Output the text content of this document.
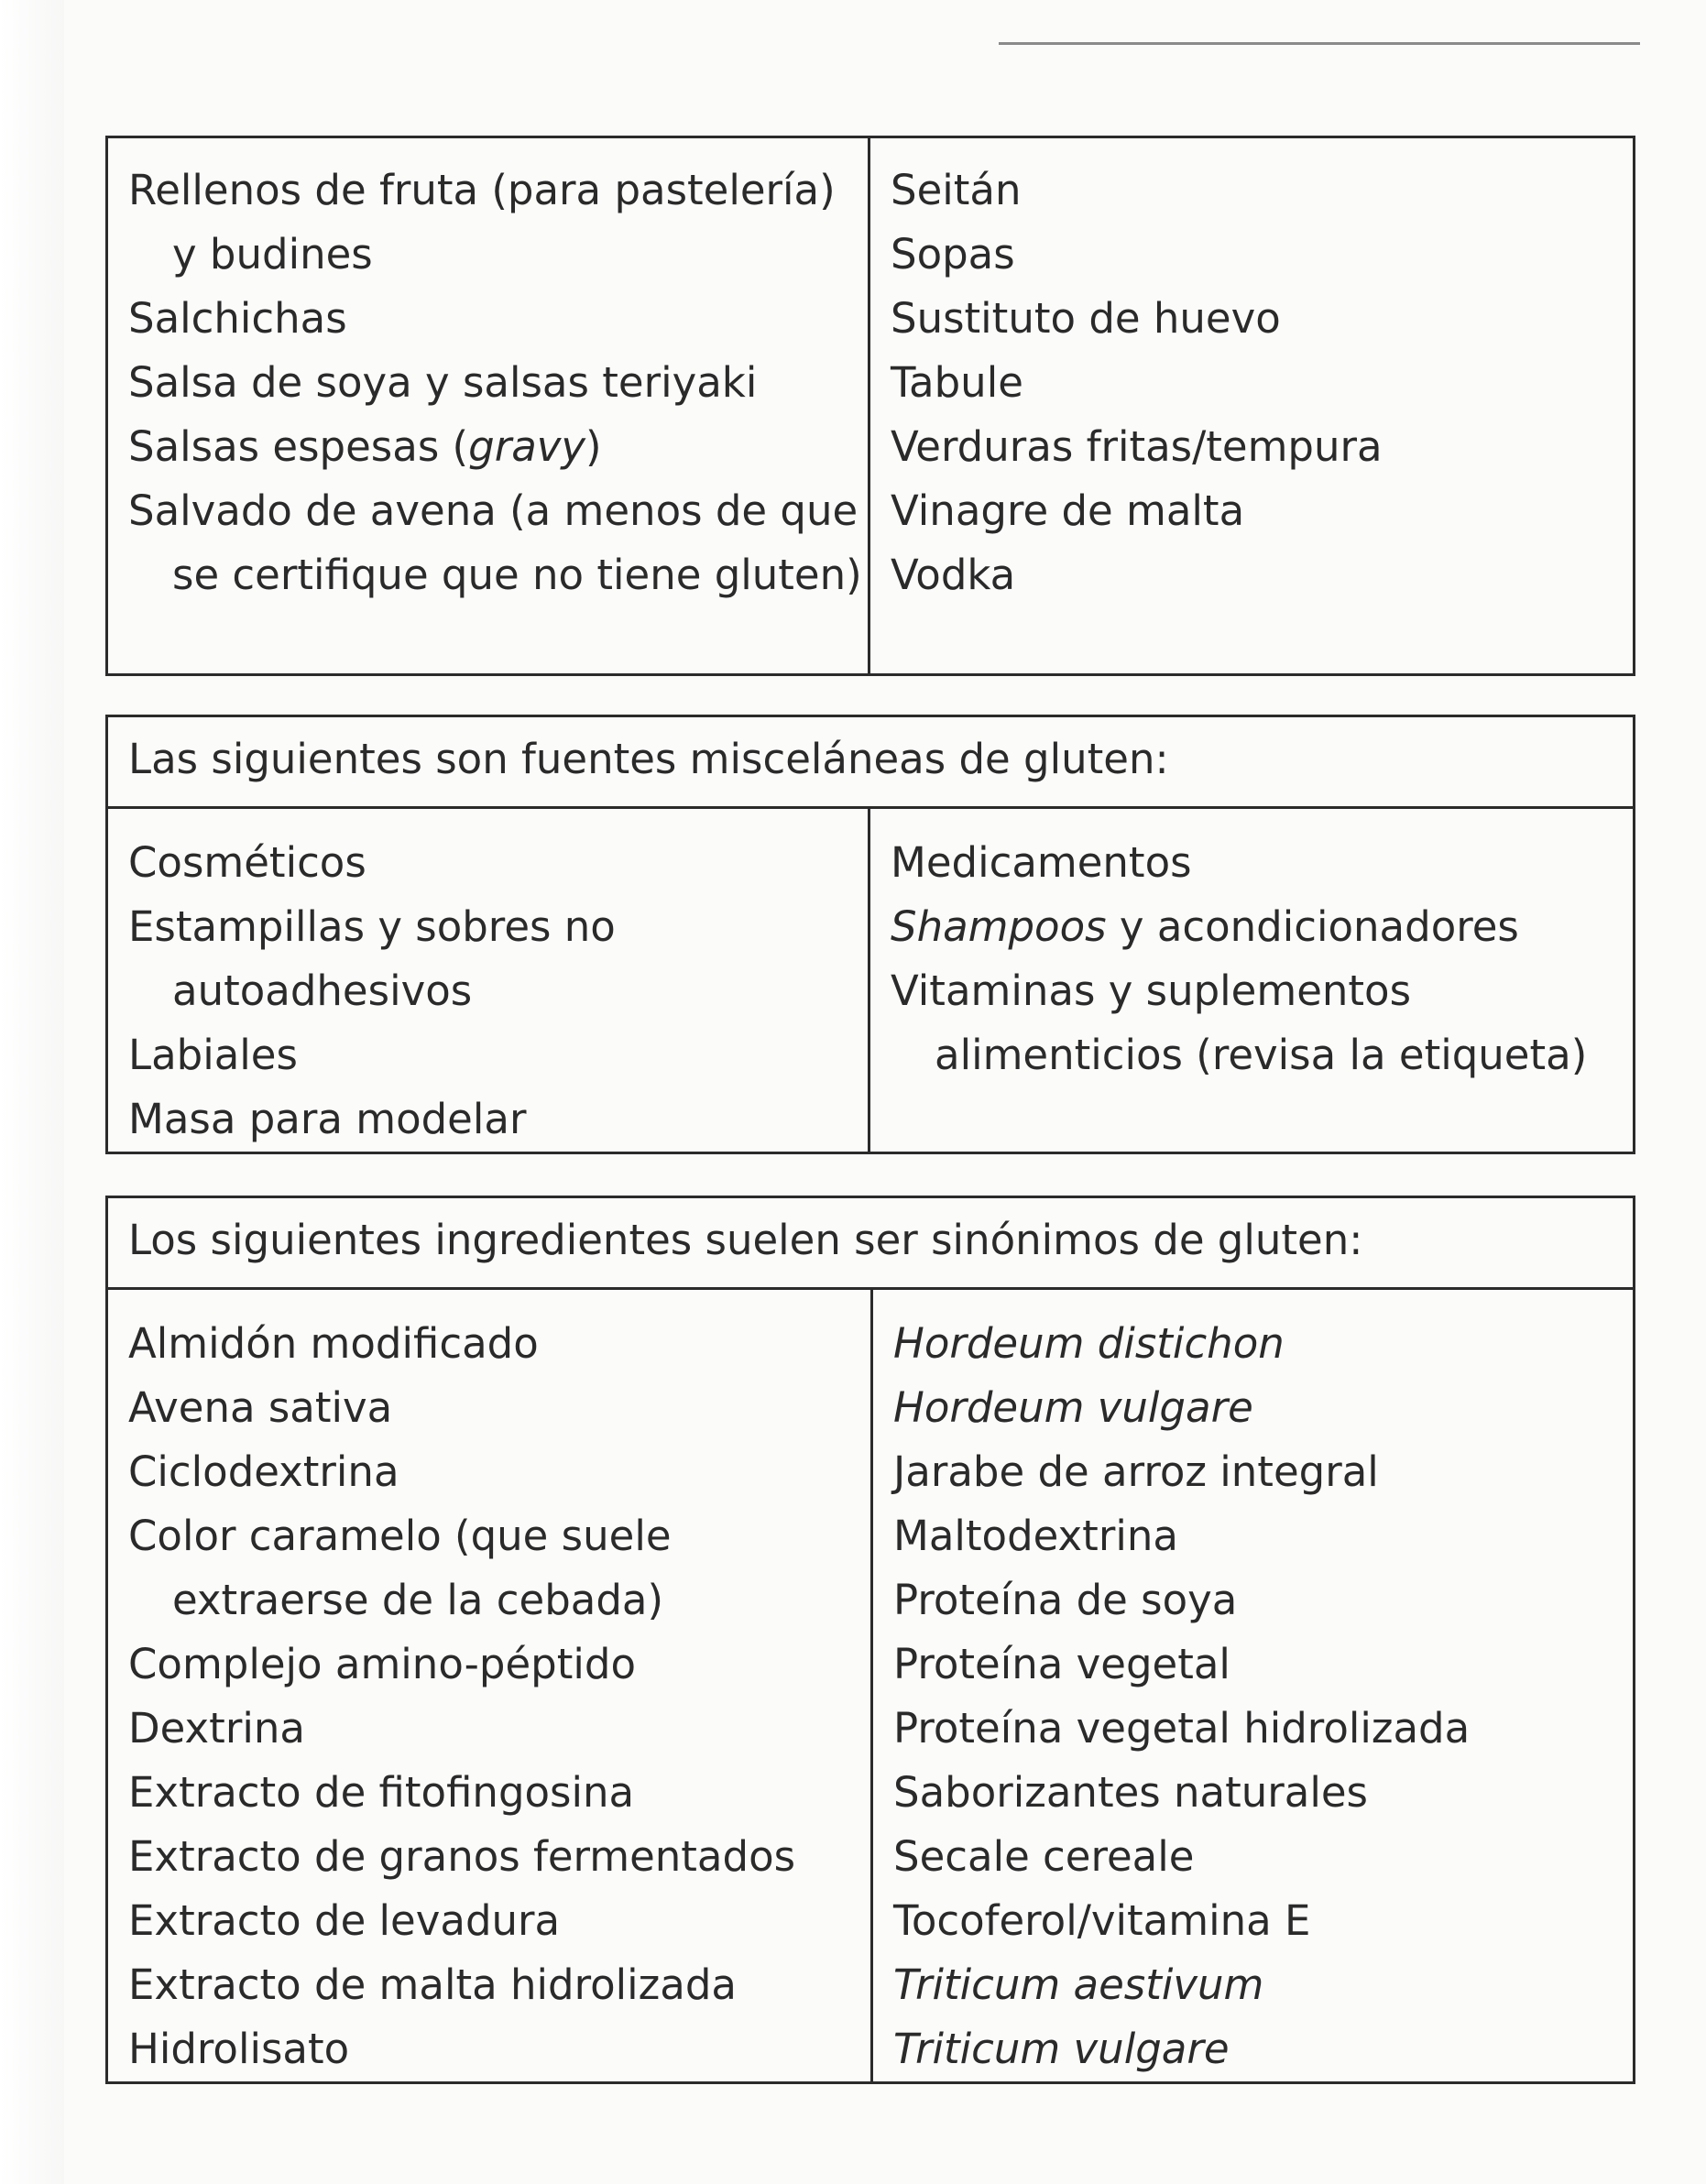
Rellenos de fruta (para pastelería) y budines
Salchichas
Salsa de soya y salsas teriyaki
Salsas espesas (gravy)
Salvado de avena (a menos de que se certifique que no tiene gluten)
Seitán
Sopas
Sustituto de huevo
Tabule
Verduras fritas/tempura
Vinagre de malta
Vodka
Las siguientes son fuentes misceláneas de gluten:
Cosméticos
Estampillas y sobres no autoadhesivos
Labiales
Masa para modelar
Medicamentos
Shampoos y acondicionadores
Vitaminas y suplementos alimenticios (revisa la etiqueta)
Los siguientes ingredientes suelen ser sinónimos de gluten:
Almidón modificado
Avena sativa
Ciclodextrina
Color caramelo (que suele extraerse de la cebada)
Complejo amino-péptido
Dextrina
Extracto de fitofingosina
Extracto de granos fermentados
Extracto de levadura
Extracto de malta hidrolizada
Hidrolisato
Hordeum distichon
Hordeum vulgare
Jarabe de arroz integral
Maltodextrina
Proteína de soya
Proteína vegetal
Proteína vegetal hidrolizada
Saborizantes naturales
Secale cereale
Tocoferol/vitamina E
Triticum aestivum
Triticum vulgare
